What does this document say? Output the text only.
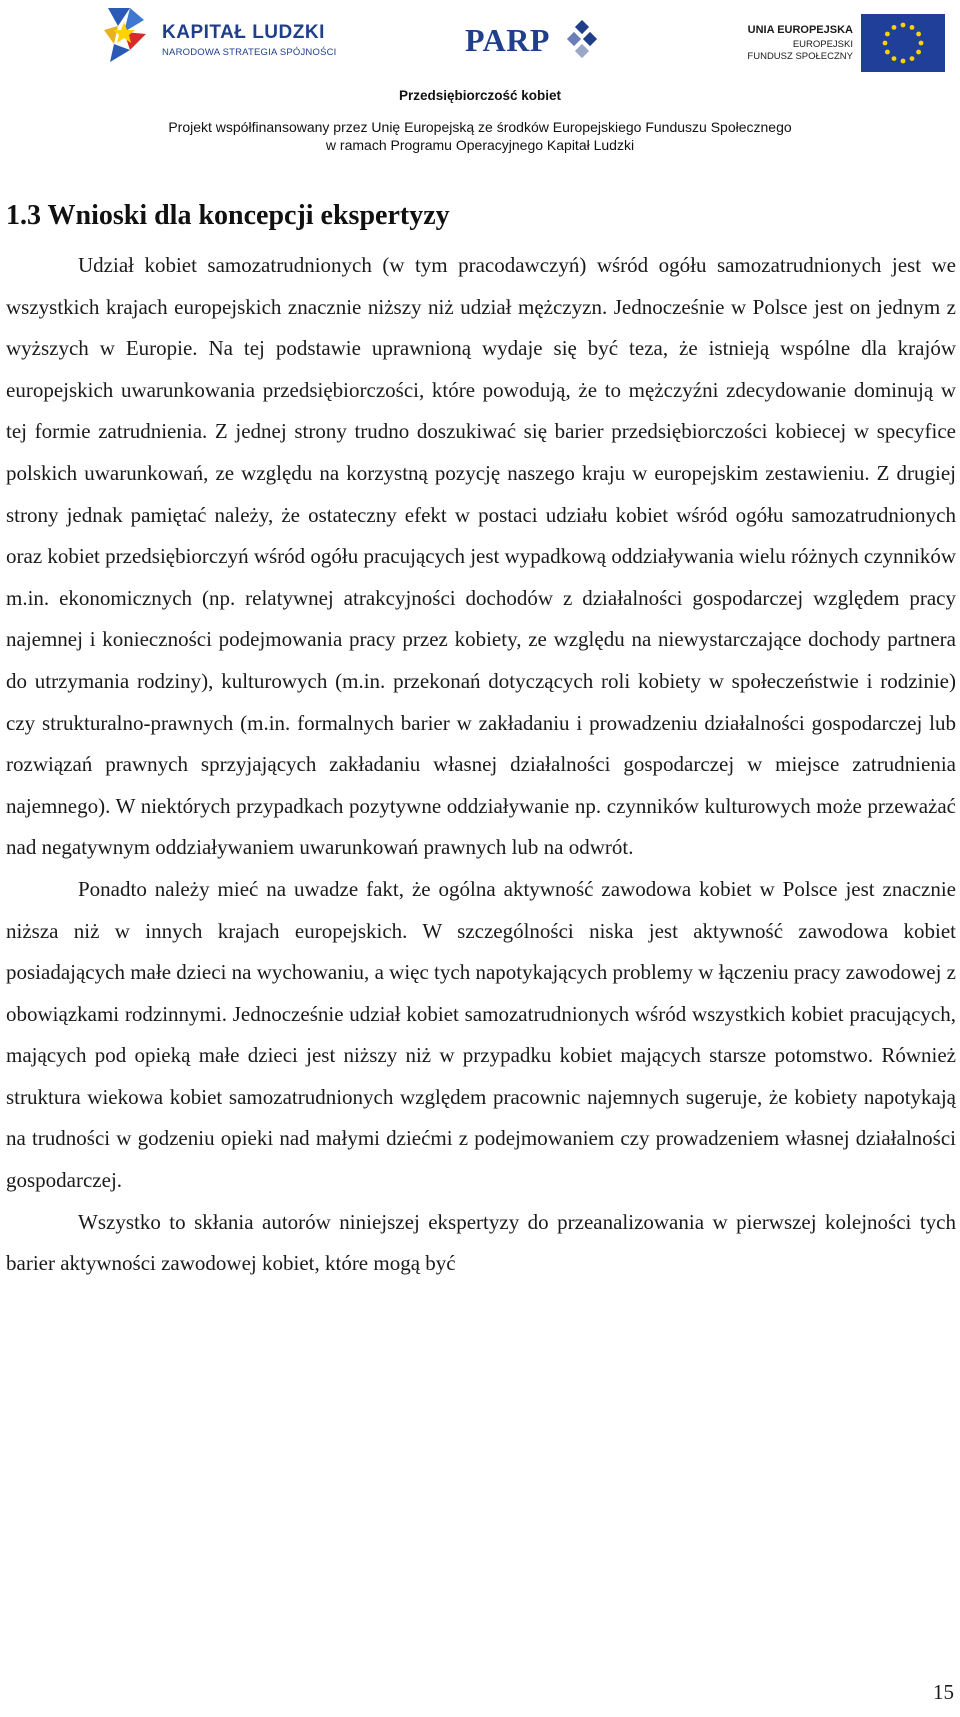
KAPITAŁ LUDZKI
NARODOWA STRATEGIA SPÓJNOŚCI	PARP	UNIA EUROPEJSKA
EUROPEJSKI
FUNDUSZ SPOŁECZNY
Przedsiębiorczość kobiet
Projekt współfinansowany przez Unię Europejską ze środków Europejskiego Funduszu Społecznego
w ramach Programu Operacyjnego Kapitał Ludzki
1.3 Wnioski dla koncepcji ekspertyzy

Udział kobiet samozatrudnionych (w tym pracodawczyń) wśród ogółu samozatrudnionych jest we wszystkich krajach europejskich znacznie niższy niż udział mężczyzn. Jednocześnie w Polsce jest on jednym z wyższych w Europie. Na tej podstawie uprawnioną wydaje się być teza, że istnieją wspólne dla krajów europejskich uwarunkowania przedsiębiorczości, które powodują, że to mężczyźni zdecydowanie dominują w tej formie zatrudnienia. Z jednej strony trudno doszukiwać się barier przedsiębiorczości kobiecej w specyfice polskich uwarunkowań, ze względu na korzystną pozycję naszego kraju w europejskim zestawieniu. Z drugiej strony jednak pamiętać należy, że ostateczny efekt w postaci udziału kobiet wśród ogółu samozatrudnionych oraz kobiet przedsiębiorczyń wśród ogółu pracujących jest wypadkową oddziaływania wielu różnych czynników m.in. ekonomicznych (np. relatywnej atrakcyjności dochodów z działalności gospodarczej względem pracy najemnej i konieczności podejmowania pracy przez kobiety, ze względu na niewystarczające dochody partnera do utrzymania rodziny), kulturowych (m.in. przekonań dotyczących roli kobiety w społeczeństwie i rodzinie) czy strukturalno-prawnych (m.in. formalnych barier w zakładaniu i prowadzeniu działalności gospodarczej lub rozwiązań prawnych sprzyjających zakładaniu własnej działalności gospodarczej w miejsce zatrudnienia najemnego). W niektórych przypadkach pozytywne oddziaływanie np. czynników kulturowych może przeważać nad negatywnym oddziaływaniem uwarunkowań prawnych lub na odwrót.

Ponadto należy mieć na uwadze fakt, że ogólna aktywność zawodowa kobiet w Polsce jest znacznie niższa niż w innych krajach europejskich. W szczególności niska jest aktywność zawodowa kobiet posiadających małe dzieci na wychowaniu, a więc tych napotykających problemy w łączeniu pracy zawodowej z obowiązkami rodzinnymi. Jednocześnie udział kobiet samozatrudnionych wśród wszystkich kobiet pracujących, mających pod opieką małe dzieci jest niższy niż w przypadku kobiet mających starsze potomstwo. Również struktura wiekowa kobiet samozatrudnionych względem pracownic najemnych sugeruje, że kobiety napotykają na trudności w godzeniu opieki nad małymi dziećmi z podejmowaniem czy prowadzeniem własnej działalności gospodarczej.

Wszystko to skłania autorów niniejszej ekspertyzy do przeanalizowania w pierwszej kolejności tych barier aktywności zawodowej kobiet, które mogą być

15
